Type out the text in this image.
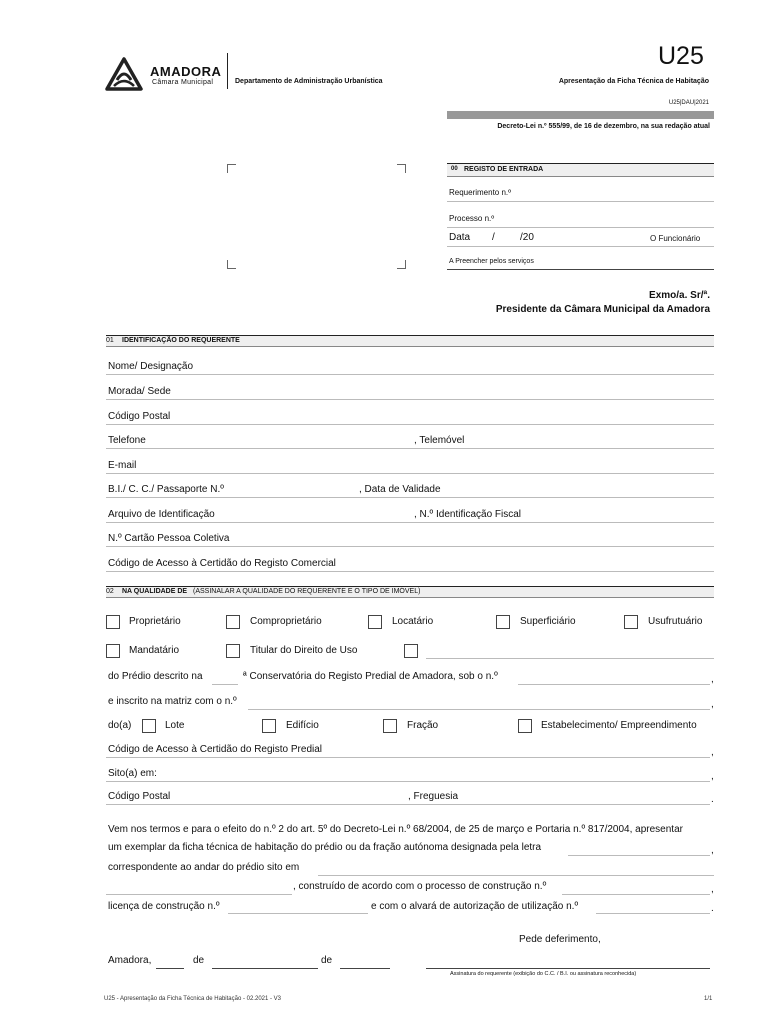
AMADORA
Câmara Municipal	Departamento de Administração Urbanística
U25
Apresentação da Ficha Técnica de Habitação
U25|DAU|2021
Decreto-Lei n.º 555/99, de 16 de dezembro, na sua redação atual
00 REGISTO DE ENTRADA
Requerimento n.º
Processo n.º
Data /	/20	O Funcionário
A Preencher pelos serviços
Exmo/a. Sr/ª.
Presidente da Câmara Municipal da Amadora
01 IDENTIFICAÇÃO DO REQUERENTE
Nome/ Designação
Morada/ Sede
Código Postal
Telefone	, Telemóvel
E-mail
B.I./ C. C./ Passaporte N.º	, Data de Validade
Arquivo de Identificação	, N.º Identificação Fiscal
N.º Cartão Pessoa Coletiva
Código de Acesso à Certidão do Registo Comercial
02 NA QUALIDADE DE (ASSINALAR A QUALIDADE DO REQUERENTE E O TIPO DE IMÓVEL)
Proprietário	Comproprietário	Locatário	Superficiário	Usufrutuário
Mandatário	Titular do Direito de Uso
do Prédio descrito na	ª Conservatória do Registo Predial de Amadora, sob o n.º	,
e inscrito na matriz com o n.º	,
do(a)	Lote	Edifício	Fração	Estabelecimento/ Empreendimento
Código de Acesso à Certidão do Registo Predial	,
Sito(a) em:	,
Código Postal	, Freguesia	.
Vem nos termos e para o efeito do n.º 2 do art. 5º do Decreto-Lei n.º 68/2004, de 25 de março e Portaria n.º 817/2004, apresentar
um exemplar da ficha técnica de habitação do prédio ou da fração autónoma designada pela letra	,
correspondente ao andar do prédio sito em
, construído de acordo com o processo de construção n.º	,
licença de construção n.º	e com o alvará de autorização de utilização n.º	.
Pede deferimento,
Amadora,	de	de
Assinatura do requerente (exibição do C.C. / B.I. ou assinatura reconhecida)
U25 - Apresentação da Ficha Técnica de Habitação - 02.2021 - V3	1/1
